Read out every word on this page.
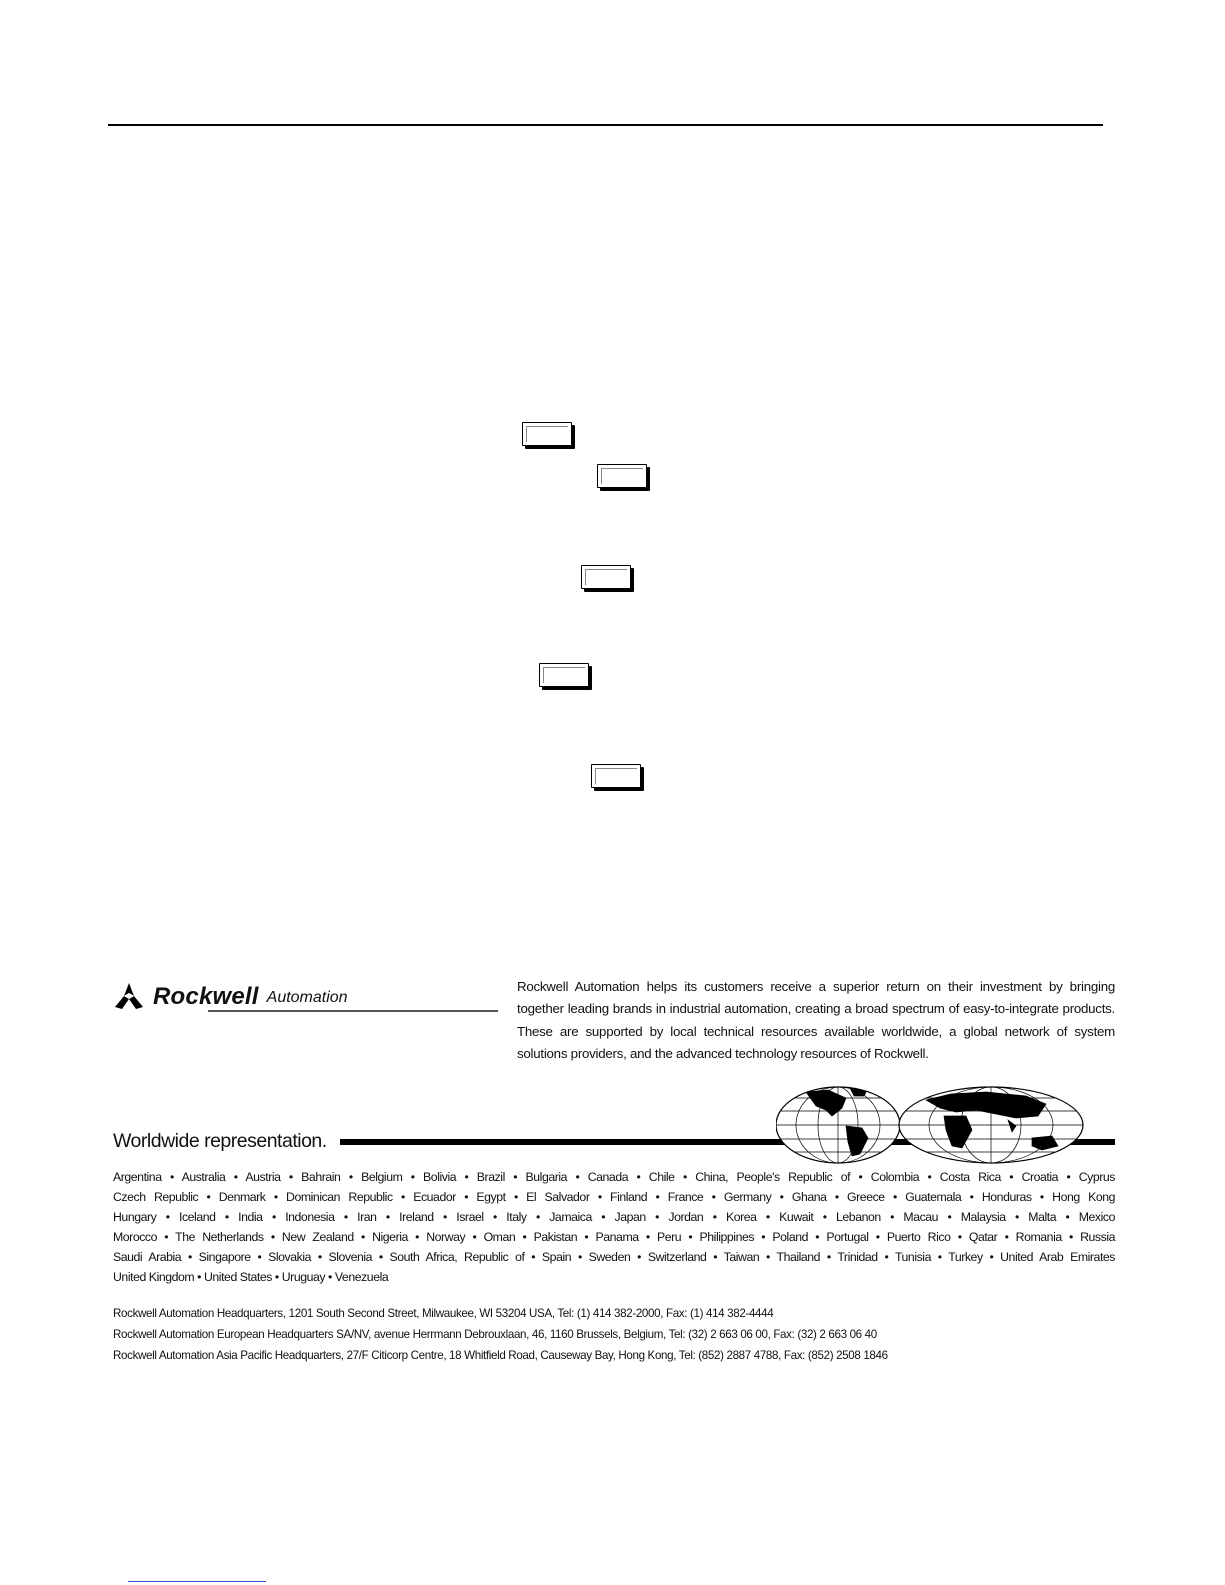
Rockwell Automation
Rockwell Automation helps its customers receive a superior return on their investment by bringing together leading brands in industrial automation, creating a broad spectrum of easy-to-integrate products. These are supported by local technical resources available worldwide, a global network of system solutions providers, and the advanced technology resources of Rockwell.
Worldwide representation.
Argentina • Australia • Austria • Bahrain • Belgium • Bolivia • Brazil • Bulgaria • Canada • Chile • China, People's Republic of • Colombia • Costa Rica • Croatia • Cyprus
Czech Republic • Denmark • Dominican Republic • Ecuador • Egypt • El Salvador • Finland • France • Germany • Ghana • Greece • Guatemala • Honduras • Hong Kong
Hungary • Iceland • India • Indonesia • Iran • Ireland • Israel • Italy • Jamaica • Japan • Jordan • Korea • Kuwait • Lebanon • Macau • Malaysia • Malta • Mexico
Morocco • The Netherlands • New Zealand • Nigeria • Norway • Oman • Pakistan • Panama • Peru • Philippines • Poland • Portugal • Puerto Rico • Qatar • Romania • Russia
Saudi Arabia • Singapore • Slovakia • Slovenia • South Africa, Republic of • Spain • Sweden • Switzerland • Taiwan • Thailand • Trinidad • Tunisia • Turkey • United Arab Emirates
United Kingdom • United States • Uruguay • Venezuela
Rockwell Automation Headquarters, 1201 South Second Street, Milwaukee, WI 53204 USA, Tel: (1) 414 382-2000, Fax: (1) 414 382-4444
Rockwell Automation European Headquarters SA/NV, avenue Herrmann Debrouxlaan, 46, 1160 Brussels, Belgium, Tel: (32) 2 663 06 00, Fax: (32) 2 663 06 40
Rockwell Automation Asia Pacific Headquarters, 27/F Citicorp Centre, 18 Whitfield Road, Causeway Bay, Hong Kong, Tel: (852) 2887 4788, Fax: (852) 2508 1846
